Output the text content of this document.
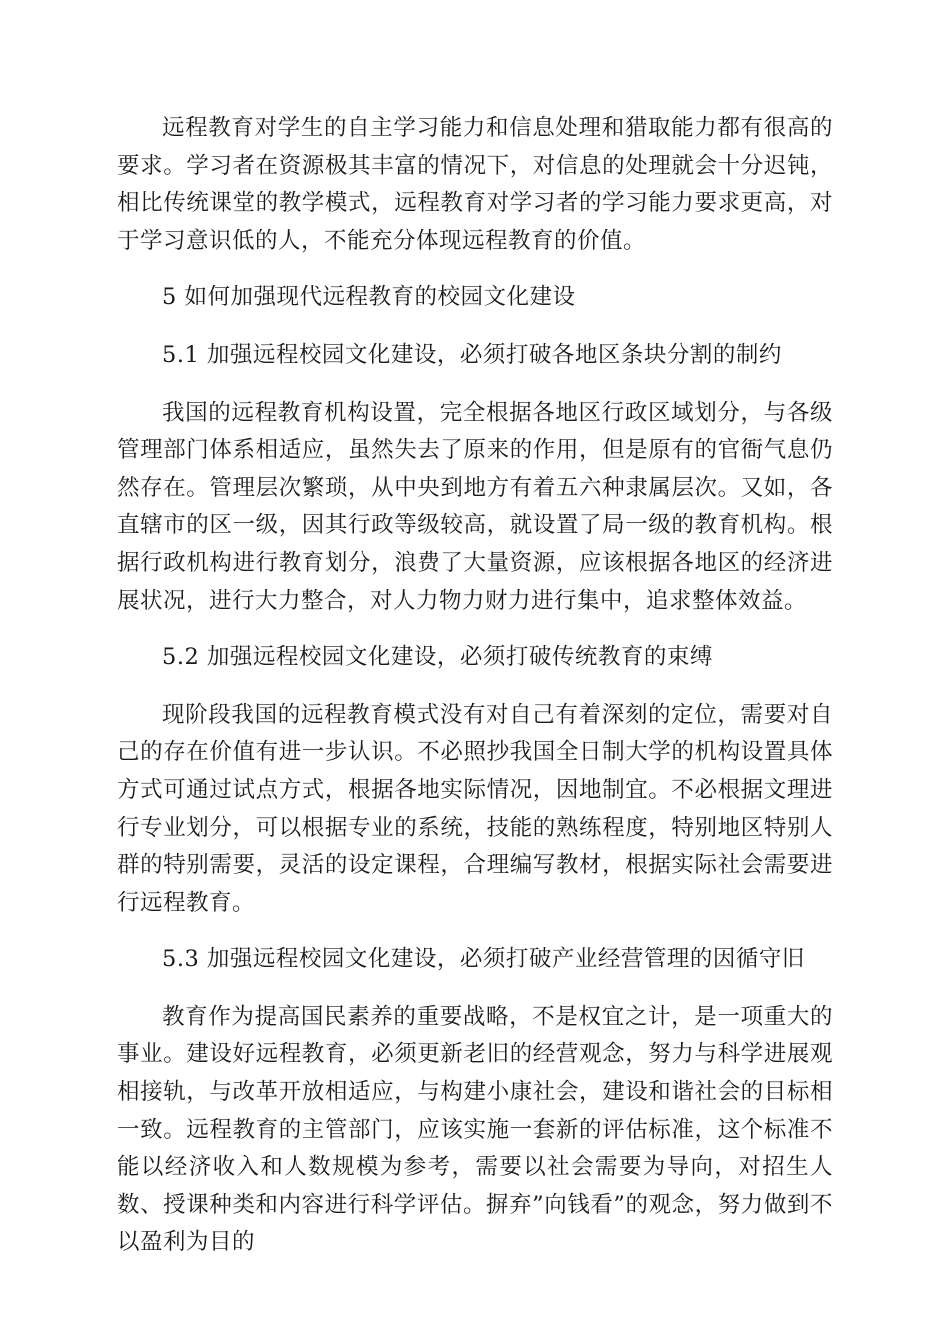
远程教育对学生的自主学习能力和信息处理和猎取能力都有很高的要求。学习者在资源极其丰富的情况下，对信息的处理就会十分迟钝，相比传统课堂的教学模式，远程教育对学习者的学习能力要求更高，对于学习意识低的人，不能充分体现远程教育的价值。

5 如何加强现代远程教育的校园文化建设

5.1 加强远程校园文化建设，必须打破各地区条块分割的制约

我国的远程教育机构设置，完全根据各地区行政区域划分，与各级管理部门体系相适应，虽然失去了原来的作用，但是原有的官衙气息仍然存在。管理层次繁琐，从中央到地方有着五六种隶属层次。又如，各直辖市的区一级，因其行政等级较高，就设置了局一级的教育机构。根据行政机构进行教育划分，浪费了大量资源，应该根据各地区的经济进展状况，进行大力整合，对人力物力财力进行集中，追求整体效益。

5.2 加强远程校园文化建设，必须打破传统教育的束缚

现阶段我国的远程教育模式没有对自己有着深刻的定位，需要对自己的存在价值有进一步认识。不必照抄我国全日制大学的机构设置具体方式可通过试点方式，根据各地实际情况，因地制宜。不必根据文理进行专业划分，可以根据专业的系统，技能的熟练程度，特别地区特别人群的特别需要，灵活的设定课程，合理编写教材，根据实际社会需要进行远程教育。

5.3 加强远程校园文化建设，必须打破产业经营管理的因循守旧

教育作为提高国民素养的重要战略，不是权宜之计，是一项重大的事业。建设好远程教育，必须更新老旧的经营观念，努力与科学进展观相接轨，与改革开放相适应，与构建小康社会，建设和谐社会的目标相一致。远程教育的主管部门，应该实施一套新的评估标准，这个标准不能以经济收入和人数规模为参考，需要以社会需要为导向，对招生人数、授课种类和内容进行科学评估。摒弃”向钱看”的观念，努力做到不以盈利为目的
